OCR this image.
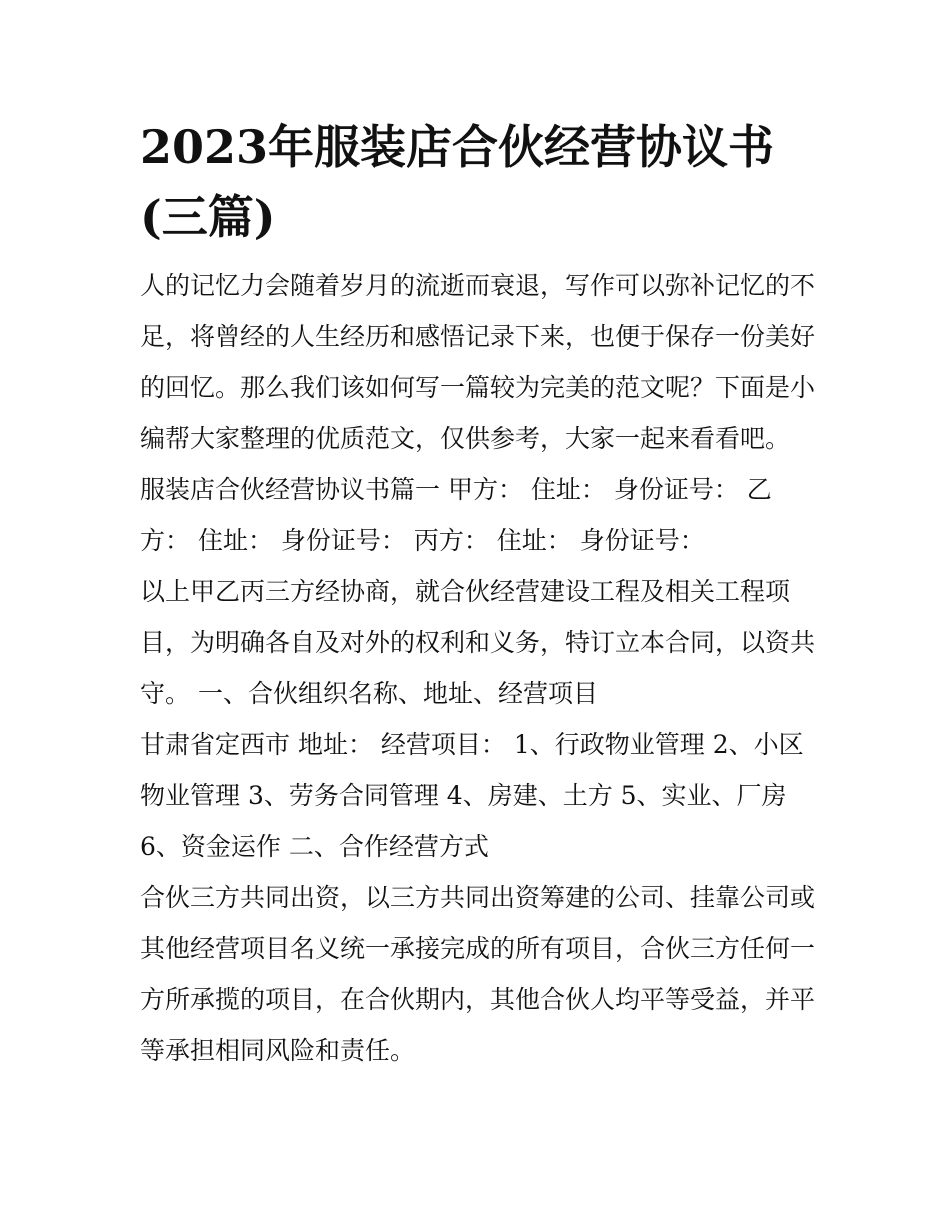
2023年服装店合伙经营协议书
(三篇)

人的记忆力会随着岁月的流逝而衰退，写作可以弥补记忆的不足，将曾经的人生经历和感悟记录下来，也便于保存一份美好的回忆。那么我们该如何写一篇较为完美的范文呢？下面是小编帮大家整理的优质范文，仅供参考，大家一起来看看吧。

服装店合伙经营协议书篇一 甲方： 住址： 身份证号： 乙方： 住址： 身份证号： 丙方： 住址： 身份证号：

以上甲乙丙三方经协商，就合伙经营建设工程及相关工程项目，为明确各自及对外的权利和义务，特订立本合同，以资共守。 一、合伙组织名称、地址、经营项目

甘肃省定西市 地址： 经营项目： 1、行政物业管理 2、小区物业管理 3、劳务合同管理 4、房建、土方 5、实业、厂房 6、资金运作 二、合作经营方式

合伙三方共同出资，以三方共同出资筹建的公司、挂靠公司或其他经营项目名义统一承接完成的所有项目，合伙三方任何一方所承揽的项目，在合伙期内，其他合伙人均平等受益，并平等承担相同风险和责任。
